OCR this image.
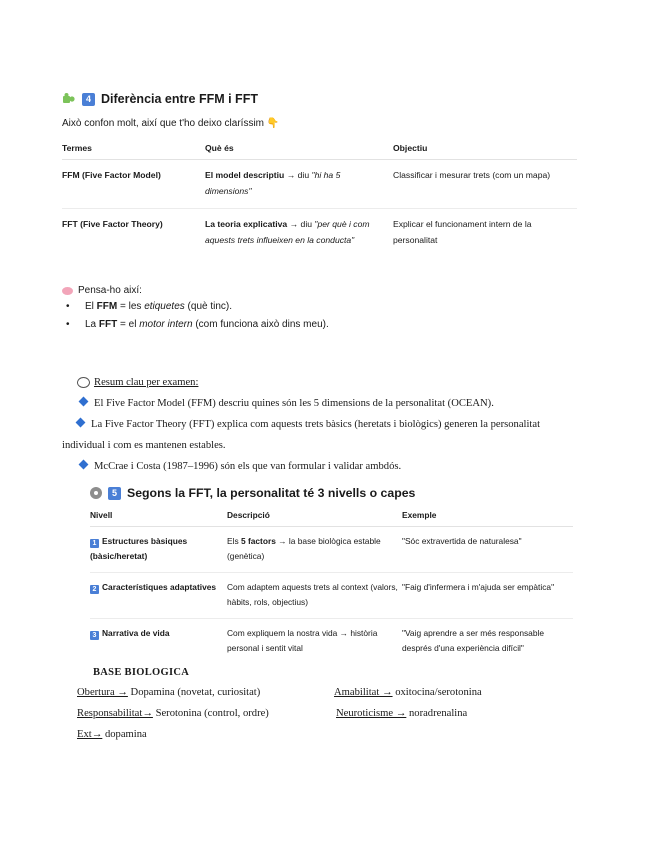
4 Diferència entre FFM i FFT
Això confon molt, així que t'ho deixo claríssim 👇
Termes	Què és	Objectiu
FFM (Five Factor Model)	El model descriptiu → diu "hi ha 5 dimensions"	Classificar i mesurar trets (com un mapa)
FFT (Five Factor Theory)	La teoria explicativa → diu "per què i com aquests trets influeixen en la conducta"	Explicar el funcionament intern de la personalitat
Pensa-ho així:
• El FFM = les etiquetes (què tinc).
• La FFT = el motor intern (com funciona això dins meu).
Resum clau per examen:
El Five Factor Model (FFM) descriu quines són les 5 dimensions de la personalitat (OCEAN).
La Five Factor Theory (FFT) explica com aquests trets bàsics (heretats i biològics) generen la personalitat individual i com es mantenen estables.
McCrae i Costa (1987–1996) són els que van formular i validar ambdós.
5 Segons la FFT, la personalitat té 3 nivells o capes
Nivell	Descripció	Exemple
1 Estructures bàsiques (bàsic/heretat)	Els 5 factors → la base biològica estable (genètica)	"Sóc extravertida de naturalesa"
2 Característiques adaptatives	Com adaptem aquests trets al context (valors, hàbits, rols, objectius)	"Faig d'infermera i m'ajuda ser empàtica"
3 Narrativa de vida	Com expliquem la nostra vida → història personal i sentit vital	"Vaig aprendre a ser més responsable després d'una experiència difícil"
BASE BIOLOGICA
Obertura → Dopamina (novetat, curiositat)	Amabilitat → oxitocina/serotonina
Responsabilitat→ Serotonina (control, ordre)	Neuroticisme → noradrenalina
Ext→ dopamina
